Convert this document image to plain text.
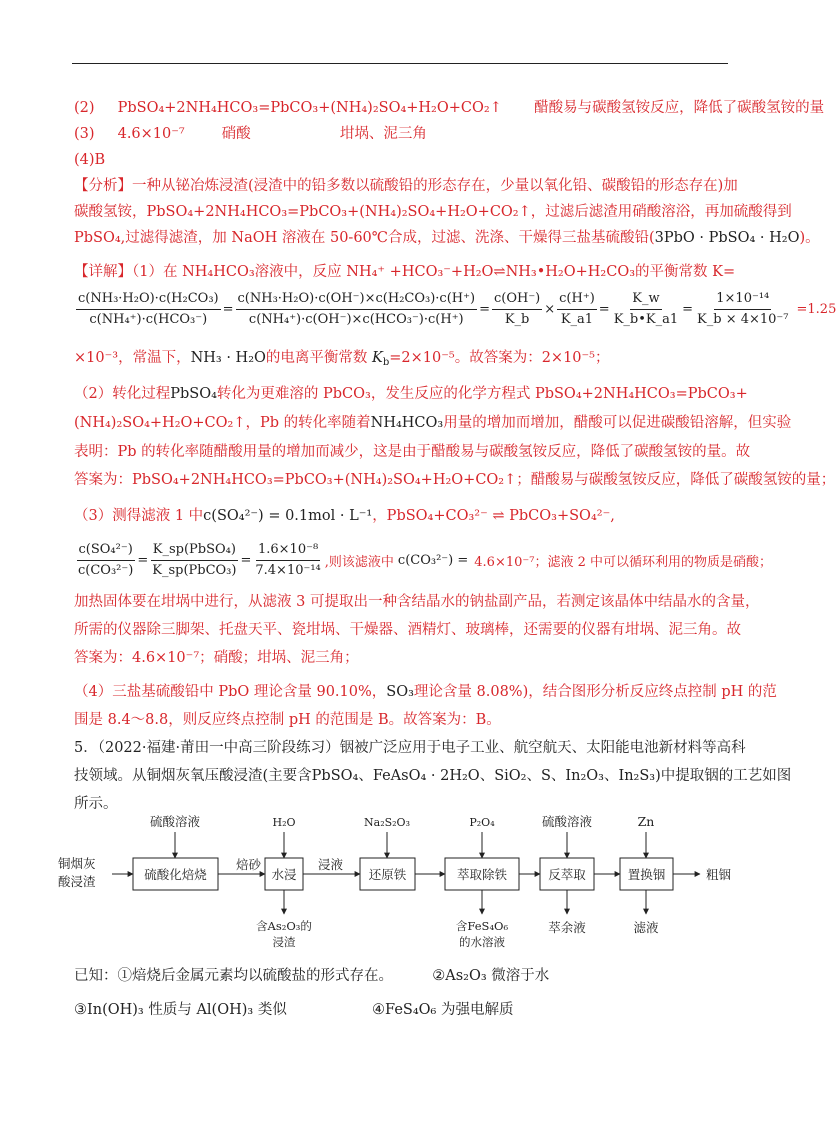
(2) PbSO₄+2NH₄HCO₃=PbCO₃+(NH₄)₂SO₄+H₂O+CO₂↑ 醋酸易与碳酸氢铵反应，降低了碳酸氢铵的量
(3) 4.6×10⁻⁷	硝酸	坩埚、泥三角
(4)B
【分析】一种从铋冶炼浸渣(浸渣中的铅多数以硫酸铅的形态存在，少量以氧化铅、碳酸铅的形态存在)加
碳酸氢铵，PbSO₄+2NH₄HCO₃=PbCO₃+(NH₄)₂SO₄+H₂O+CO₂↑，过滤后滤渣用硝酸溶浴，再加硫酸得到
PbSO₄,过滤得滤渣，加 NaOH 溶液在 50-60℃合成，过滤、洗涤、干燥得三盐基硫酸铅(3PbO · PbSO₄ · H₂O)。
【详解】（1）在 NH₄HCO₃溶液中，反应 NH₄⁺ +HCO₃⁻+H₂O⇌NH₃•H₂O+H₂CO₃的平衡常数 K=
$\frac{\text{c(NH₃·H₂O)·c(H₂CO₃)}}{\text{c(NH₄⁺)·c(HCO₃⁻)}} = \frac{\text{c(NH₃·H₂O)·c(OH⁻)×c(H₂CO₃)·c(H⁺)}}{\text{c(NH₄⁺)·c(OH⁻)×c(HCO₃⁻)·c(H⁺)}} = \frac{c(OH^-)}{K\_b} \times \frac{c(H^+)}{K\_a1} = \frac{K\_w}{K\_b•K\_a1} = \frac{\text{1×10⁻¹⁴}}{\text{K\_b × 4×10⁻⁷}} =1.25$
×10⁻³，常温下，NH₃ · H₂O的电离平衡常数 $K_b=2\times 10^{-5}$。故答案为：2×10⁻⁵；
（2）转化过程PbSO₄转化为更难溶的 PbCO₃，发生反应的化学方程式 PbSO₄+2NH₄HCO₃=PbCO₃+
(NH₄)₂SO₄+H₂O+CO₂↑，Pb 的转化率随着NH₄HCO₃用量的增加而增加，醋酸可以促进碳酸铅溶解，但实验
表明：Pb 的转化率随醋酸用量的增加而减少，这是由于醋酸易与碳酸氢铵反应，降低了碳酸氢铵的量。故
答案为：PbSO₄+2NH₄HCO₃=PbCO₃+(NH₄)₂SO₄+H₂O+CO₂↑；醋酸易与碳酸氢铵反应，降低了碳酸氢铵的量；
（3）测得滤液 1 中c(SO₄²⁻) = 0.1mol · L⁻¹，PbSO₄+CO₃²⁻ ⇌ PbCO₃+SO₄²⁻,
$\frac{\text{c(SO₄²⁻)}}{\text{c(CO₃²⁻)}} = \frac{\text{K\_sp(PbSO₄)}}{\text{K\_sp(PbCO₃)}} = \frac{\text{1.6×10⁻⁸}}{\text{7.4×10⁻¹⁴}}$ ,则该滤液中 c(CO₃²⁻) = 4.6×10⁻⁷；滤液 2 中可以循环利用的物质是硝酸；
加热固体要在坩埚中进行，从滤液 3 可提取出一种含结晶水的钠盐副产品，若测定该晶体中结晶水的含量，
所需的仪器除三脚架、托盘天平、瓷坩埚、干燥器、酒精灯、玻璃棒，还需要的仪器有坩埚、泥三角。故
答案为：4.6×10⁻⁷；硝酸；坩埚、泥三角；
（4）三盐基硫酸铅中 PbO 理论含量 90.10%，SO₃理论含量 8.08%)，结合图形分析反应终点控制 pH 的范
围是 8.4～8.8，则反应终点控制 pH 的范围是 B。故答案为：B。
5．（2022·福建·莆田一中高三阶段练习）铟被广泛应用于电子工业、航空航天、太阳能电池新材料等高科
技领域。从铜烟灰氧压酸浸渣(主要含PbSO₄、FeAsO₄ · 2H₂O、SiO₂、S、In₂O₃、In₂S₃)中提取铟的工艺如图
所示。
铜烟灰
酸浸渣	硫酸化焙烧	水浸	还原铁	萃取除铁	反萃取	置换铟
焙砂	浸液
硫酸溶液	H₂O	Na₂S₂O₃	P₂O₄	硫酸溶液	Zn
含As₂O₃的
浸渣
含FeS₄O₆
的水溶液
萃余液	滤液
粗铟
已知：①焙烧后金属元素均以硫酸盐的形式存在。	②As₂O₃ 微溶于水
③In(OH)₃ 性质与 Al(OH)₃ 类似	④FeS₄O₆ 为强电解质
